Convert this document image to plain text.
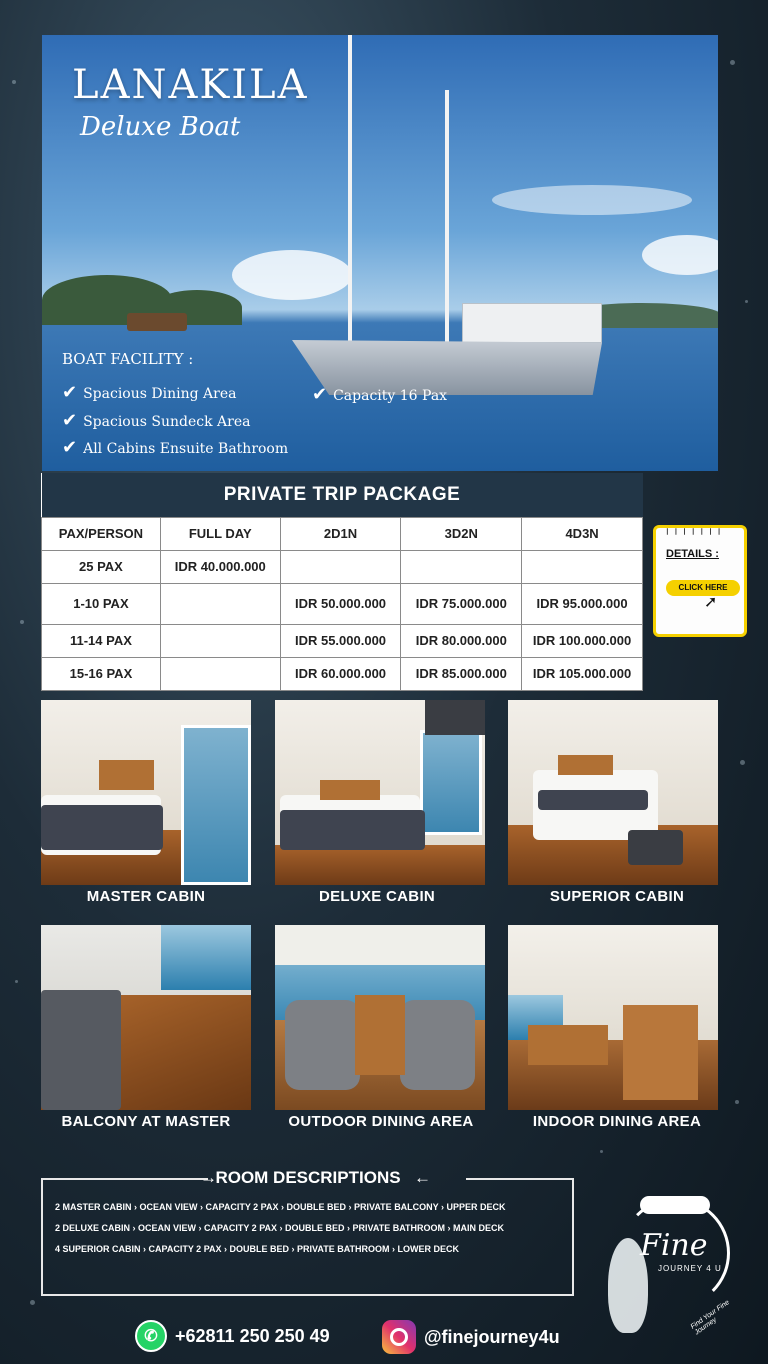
LANAKILA
Deluxe Boat
BOAT FACILITY :
✔ Spacious Dining Area
✔ Spacious Sundeck Area
✔ All Cabins Ensuite Bathroom
✔ Capacity 16 Pax
PRIVATE TRIP PACKAGE				
PAX/PERSON	FULL DAY	2D1N	3D2N	4D3N
25 PAX	IDR 40.000.000			
1-10 PAX		IDR 50.000.000	IDR 75.000.000	IDR 95.000.000
11-14 PAX		IDR 55.000.000	IDR 80.000.000	IDR 100.000.000
15-16 PAX		IDR 60.000.000	IDR 85.000.000	IDR 105.000.000
╷╷╷╷╷╷╷
DETAILS :
CLICK HERE
➚
MASTER CABIN	DELUXE CABIN	SUPERIOR CABIN
BALCONY AT MASTER	OUTDOOR DINING AREA	INDOOR DINING AREA
→
ROOM DESCRIPTIONS ←
2 MASTER CABIN › OCEAN VIEW › CAPACITY 2 PAX › DOUBLE BED › PRIVATE BALCONY › UPPER DECK
2 DELUXE CABIN › OCEAN VIEW › CAPACITY 2 PAX › DOUBLE BED › PRIVATE BATHROOM › MAIN DECK
4 SUPERIOR CABIN › CAPACITY 2 PAX › DOUBLE BED › PRIVATE BATHROOM › LOWER DECK	Fine
JOURNEY 4 U
Find Your Fine Journey
✆ +62811 250 250 49	@finejourney4u
